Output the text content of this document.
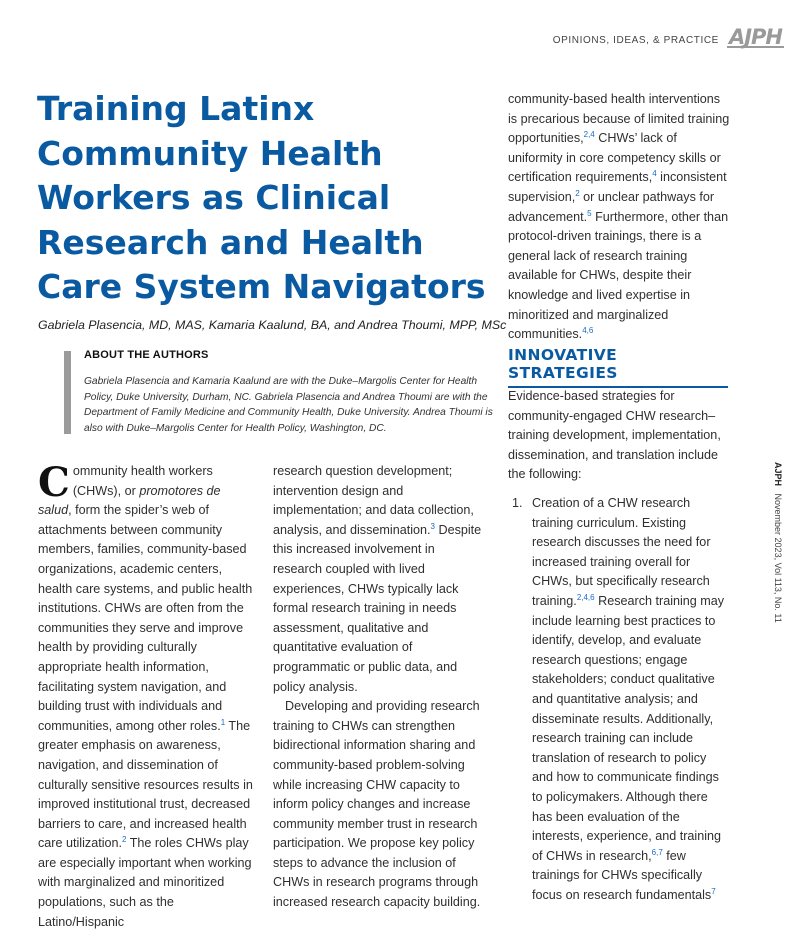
OPINIONS, IDEAS, & PRACTICE AJPH
Training Latinx
Community Health
Workers as Clinical
Research and Health
Care System Navigators
Gabriela Plasencia, MD, MAS, Kamaria Kaalund, BA, and Andrea Thoumi, MPP, MSc
ABOUT THE AUTHORS
Gabriela Plasencia and Kamaria Kaalund are with the Duke–Margolis Center for Health Policy, Duke University, Durham, NC. Gabriela Plasencia and Andrea Thoumi are with the Department of Family Medicine and Community Health, Duke University. Andrea Thoumi is also with Duke–Margolis Center for Health Policy, Washington, DC.

Community health workers (CHWs), or promotores de salud, form the spider’s web of attachments between community members, families, community-based organizations, academic centers, health care systems, and public health institutions. CHWs are often from the communities they serve and improve health by providing culturally appropriate health information, facilitating system navigation, and building trust with individuals and communities, among other roles.$^1$ The greater emphasis on awareness, navigation, and dissemination of culturally sensitive resources results in improved institutional trust, decreased barriers to care, and increased health care utilization.$^2$ The roles CHWs play are especially important when working with marginalized and minoritized populations, such as the Latino/Hispanic

research question development; intervention design and implementation; and data collection, analysis, and dissemination.$^3$ Despite this increased involvement in research coupled with lived experiences, CHWs typically lack formal research training in needs assessment, qualitative and quantitative evaluation of programmatic or public data, and policy analysis.

Developing and providing research training to CHWs can strengthen bidirectional information sharing and community-based problem-solving while increasing CHW capacity to inform policy changes and increase community member trust in research participation. We propose key policy steps to advance the inclusion of CHWs in research programs through increased research capacity building.

community-based health interventions is precarious because of limited training opportunities,$^{2,4}$ CHWs’ lack of uniformity in core competency skills or certification requirements,$^4$ inconsistent supervision,$^2$ or unclear pathways for advancement.$^5$ Furthermore, other than protocol-driven trainings, there is a general lack of research training available for CHWs, despite their knowledge and lived expertise in minoritized and marginalized communities.$^{4,6}$

INNOVATIVE STRATEGIES

Evidence-based strategies for community-engaged CHW research–training development, implementation, dissemination, and translation include the following:

1. Creation of a CHW research training curriculum. Existing research discusses the need for increased training overall for CHWs, but specifically research training.$^{2,4,6}$ Research training may include learning best practices to identify, develop, and evaluate research questions; engage stakeholders; conduct qualitative and quantitative analysis; and disseminate results. Additionally, research training can include translation of research to policy and how to communicate findings to policymakers. Although there has been evaluation of the interests, experience, and training of CHWs in research,$^{6,7}$ few trainings for CHWs specifically focus on research fundamentals$^7$
AJPH   November 2023, Vol 113, No. 11
